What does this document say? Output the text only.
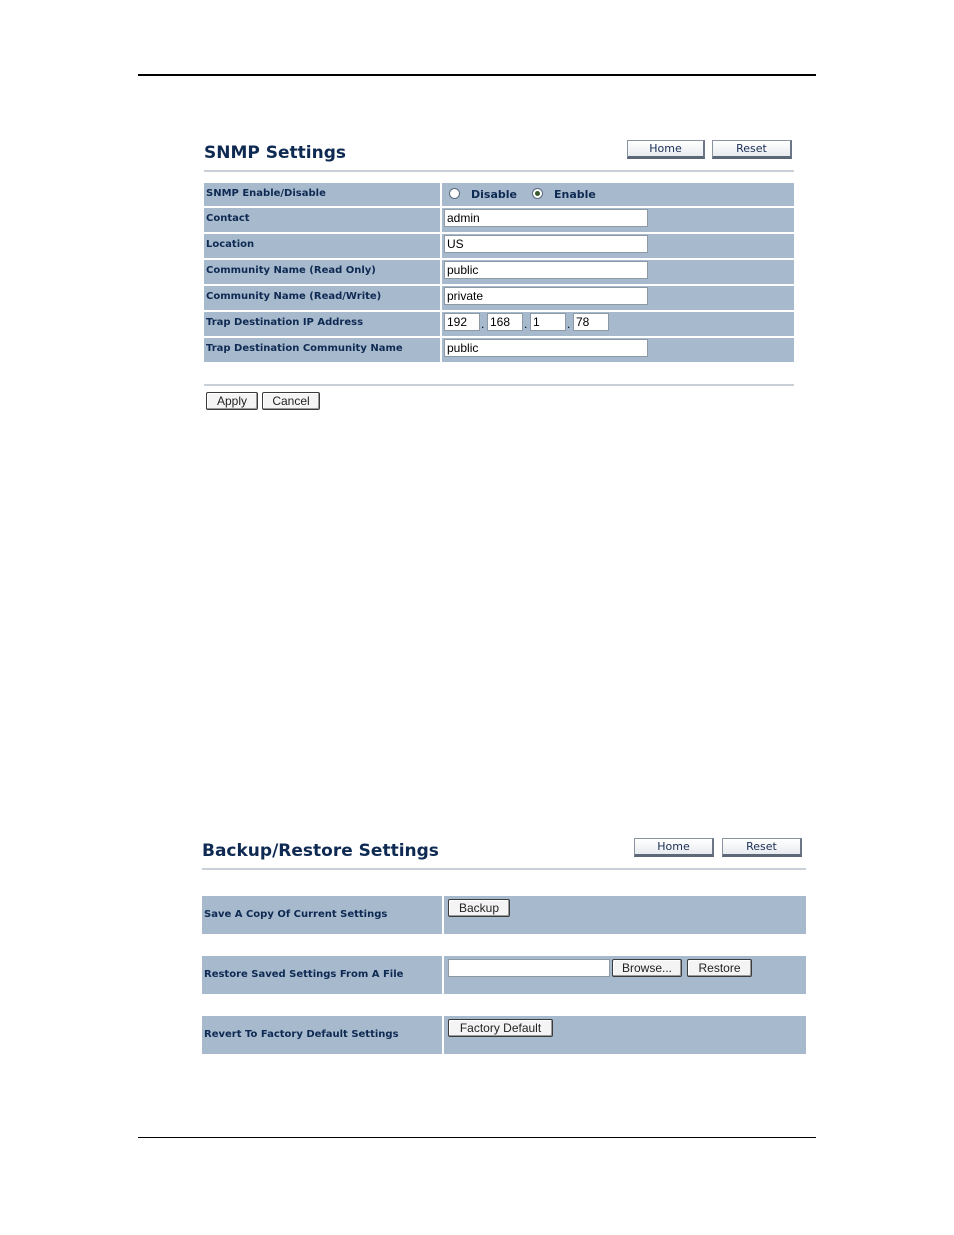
SNMP Settings	Home	Reset
SNMP Enable/Disable	Disable	Enable
Contact	admin
Location	US
Community Name (Read Only)	public
Community Name (Read/Write)	private
Trap Destination IP Address	192	. 168	. 1	. 78
Trap Destination Community Name	public
Apply	Cancel
Backup/Restore Settings	Home	Reset
Save A Copy Of Current Settings	Backup
Restore Saved Settings From A File	Browse...	Restore
Revert To Factory Default Settings	Factory Default
